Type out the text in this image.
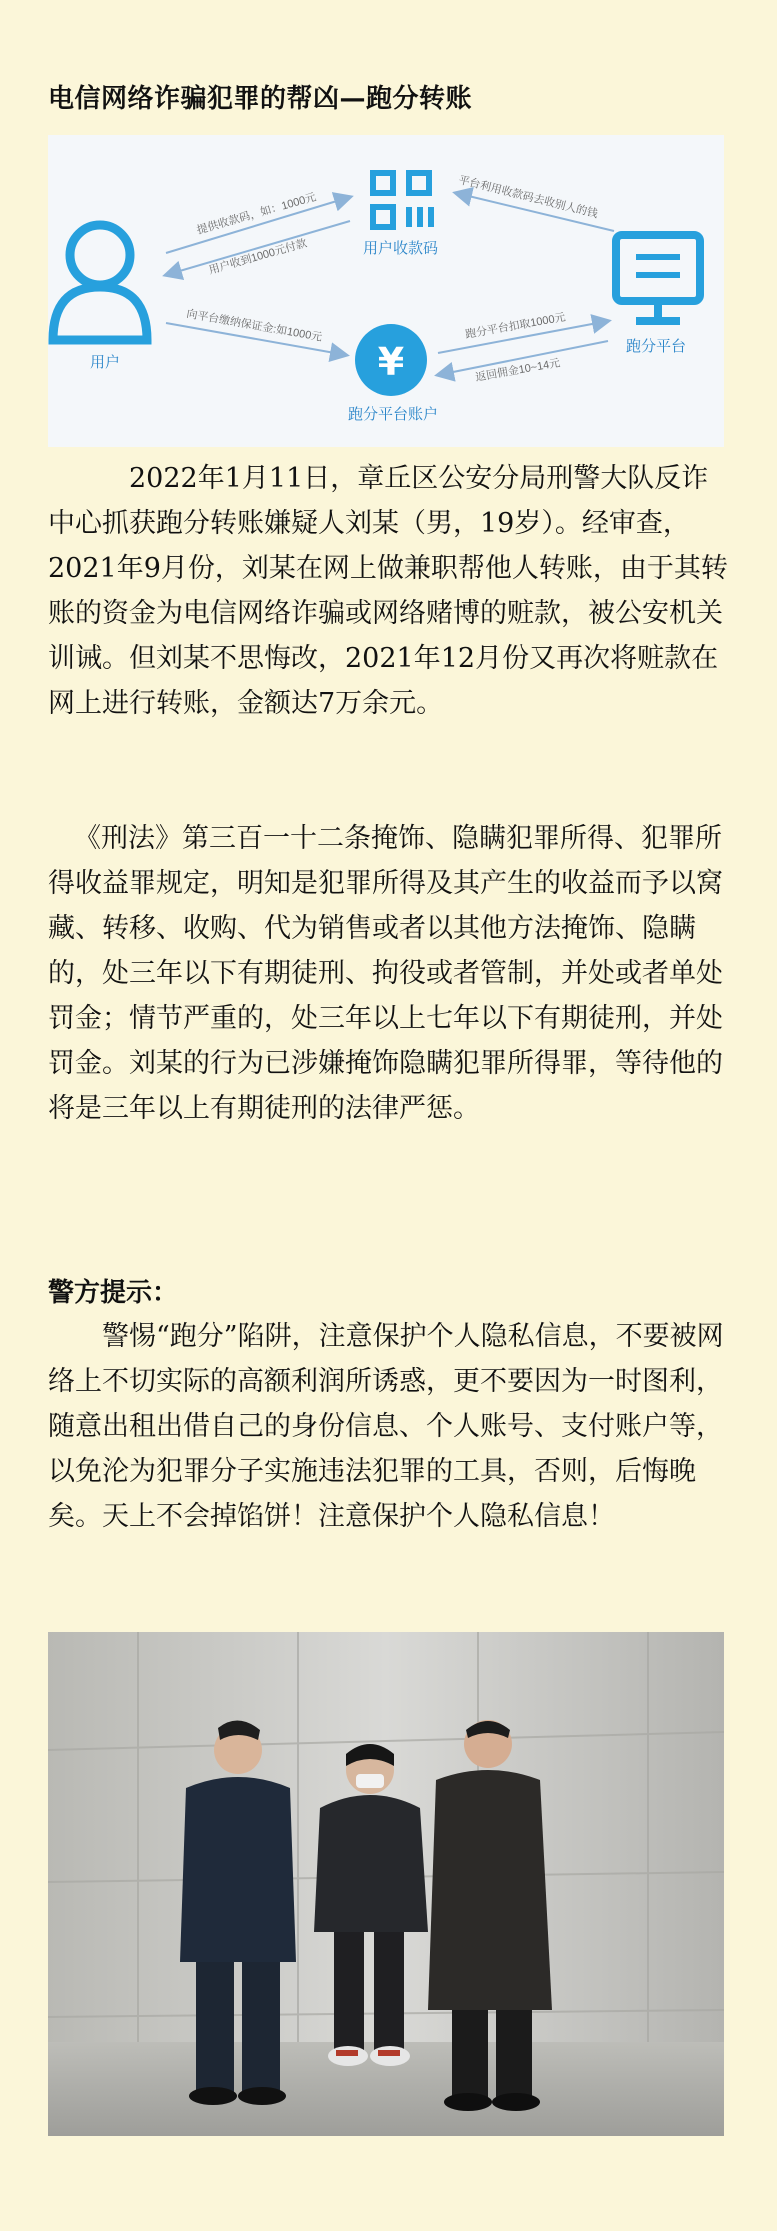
电信网络诈骗犯罪的帮凶—跑分转账
用户
用户收款码
跑分平台
¥
跑分平台账户
提供收款码，如：1000元
用户收到1000元付款
平台利用收款码去收别人的钱
向平台缴纳保证金:如1000元	跑分平台扣取1000元
返回佣金10~14元

2022年1月11日，章丘区公安分局刑警大队反诈中心抓获跑分转账嫌疑人刘某（男，19岁）。经审查，2021年9月份，刘某在网上做兼职帮他人转账，由于其转账的资金为电信网络诈骗或网络赌博的赃款，被公安机关训诫。但刘某不思悔改，2021年12月份又再次将赃款在网上进行转账，金额达7万余元。

《刑法》第三百一十二条掩饰、隐瞒犯罪所得、犯罪所得收益罪规定，明知是犯罪所得及其产生的收益而予以窝藏、转移、收购、代为销售或者以其他方法掩饰、隐瞒的，处三年以下有期徒刑、拘役或者管制，并处或者单处罚金；情节严重的，处三年以上七年以下有期徒刑，并处罚金。刘某的行为已涉嫌掩饰隐瞒犯罪所得罪，等待他的将是三年以上有期徒刑的法律严惩。

警方提示：

警惕“跑分”陷阱，注意保护个人隐私信息，不要被网络上不切实际的高额利润所诱惑，更不要因为一时图利，随意出租出借自己的身份信息、个人账号、支付账户等，以免沦为犯罪分子实施违法犯罪的工具，否则，后悔晚矣。 天上不会掉馅饼！注意保护个人隐私信息！
